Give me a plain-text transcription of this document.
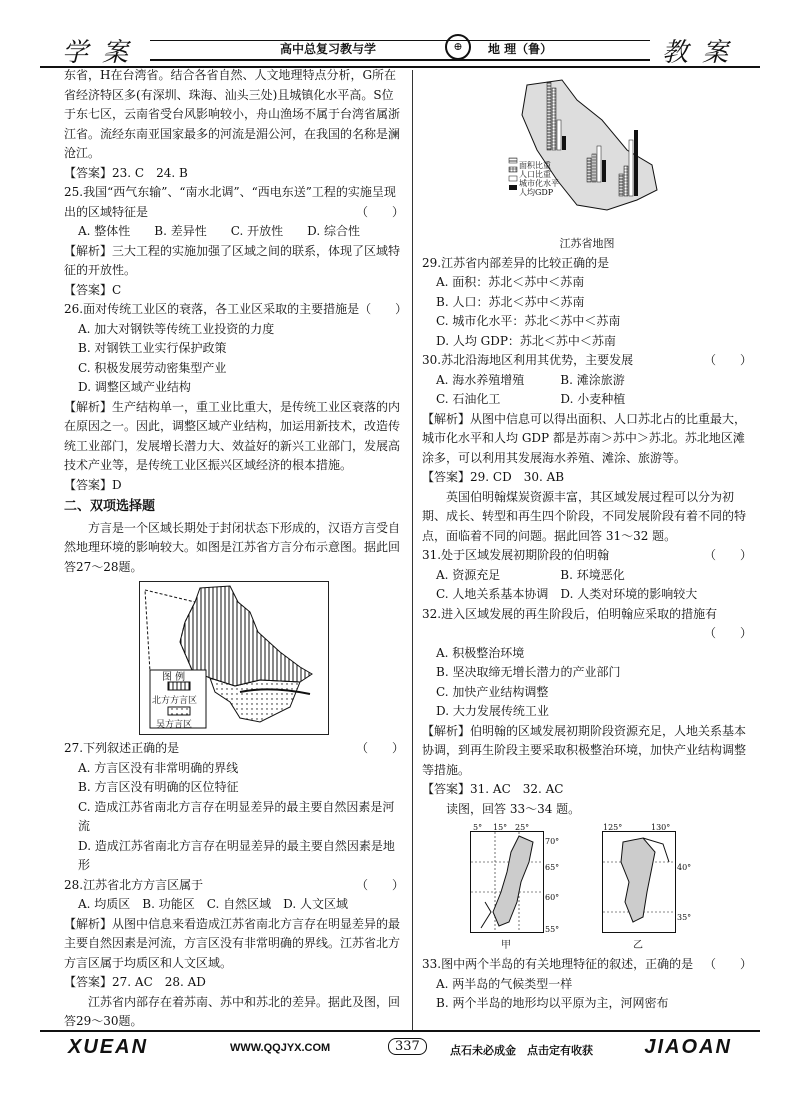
学案	高中总复习教与学	⊕	地 理（鲁）	教案

东省，H在台湾省。结合各省自然、人文地理特点分析，G所在省经济特区多(有深圳、珠海、汕头三处)且城镇化水平高。S位于东七区，云南省受台风影响较小，舟山渔场不属于台湾省属浙江省。流经东南亚国家最多的河流是湄公河，在我国的名称是澜沧江。

【答案】23. C　24. B

25.我国“西气东输”、“南水北调”、“西电东送”工程的实施呈现出的区域特征是	（　　）

A. 整体性　　B. 差异性　　C. 开放性　　D. 综合性

【解析】三大工程的实施加强了区域之间的联系，体现了区域特征的开放性。

【答案】C

26.面对传统工业区的衰落，各工业区采取的主要措施是（　　）

A. 加大对钢铁等传统工业投资的力度

B. 对钢铁工业实行保护政策

C. 积极发展劳动密集型产业

D. 调整区域产业结构

【解析】生产结构单一，重工业比重大，是传统工业区衰落的内在原因之一。因此，调整区域产业结构，加运用新技术，改造传统工业部门，发展增长潜力大、效益好的新兴工业部门，发展高技术产业等，是传统工业区振兴区域经济的根本措施。

【答案】D

二、双项选择题

方言是一个区域长期处于封闭状态下形成的，汉语方言受自然地理环境的影响较大。如图是江苏省方言分布示意图。据此回答27～28题。

图 例
北方方言区
吴方言区

27.下列叙述正确的是	（　　）

A. 方言区没有非常明确的界线

B. 方言区没有明确的区位特征

C. 造成江苏省南北方言存在明显差异的最主要自然因素是河流

D. 造成江苏省南北方言存在明显差异的最主要自然因素是地形

28.江苏省北方方言区属于	（　　）

A. 均质区　B. 功能区　C. 自然区域　D. 人文区域

【解析】从图中信息来看造成江苏省南北方言存在明显差异的最主要自然因素是河流，方言区没有非常明确的界线。江苏省北方方言区属于均质区和人文区域。

【答案】27. AC　28. AD

江苏省内部存在着苏南、苏中和苏北的差异。据此及图，回答29～30题。

面积比重
人口比重
城市化水平
人均GDP

江苏省地图

29.江苏省内部差异的比较正确的是

A. 面积：苏北＜苏中＜苏南

B. 人口：苏北＜苏中＜苏南

C. 城市化水平：苏北＜苏中＜苏南

D. 人均 GDP：苏北＜苏中＜苏南

30.苏北沿海地区利用其优势，主要发展	（　　）

A. 海水养殖增殖　　　B. 滩涂旅游

C. 石油化工　　　　　D. 小麦种植

【解析】从图中信息可以得出面积、人口苏北占的比重最大，城市化水平和人均 GDP 都是苏南＞苏中＞苏北。苏北地区滩涂多，可以利用其发展海水养殖、滩涂、旅游等。

【答案】29. CD　30. AB

英国伯明翰煤炭资源丰富，其区域发展过程可以分为初期、成长、转型和再生四个阶段，不同发展阶段有着不同的特点，面临着不同的问题。据此回答 31～32 题。

31.处于区域发展初期阶段的伯明翰	（　　）

A. 资源充足　　　　　B. 环境恶化

C. 人地关系基本协调　D. 人类对环境的影响较大

32.进入区域发展的再生阶段后，伯明翰应采取的措施有

（　　）

A. 积极整治环境

B. 坚决取缔无增长潜力的产业部门

C. 加快产业结构调整

D. 大力发展传统工业

【解析】伯明翰的区域发展初期阶段资源充足，人地关系基本协调，到再生阶段主要采取积极整治环境，加快产业结构调整等措施。

【答案】31. AC　32. AC

读图，回答 33～34 题。

5° 15° 25°
70°
65°
60°
55°
甲
125°	130°
40°
35°
乙

33.图中两个半岛的有关地理特征的叙述，正确的是 （　　）

A. 两半岛的气候类型一样

B. 两个半岛的地形均以平原为主，河网密布

XUEAN	WWW.QQJYX.COM	337	点石未必成金　点击定有收获	JIAOAN
